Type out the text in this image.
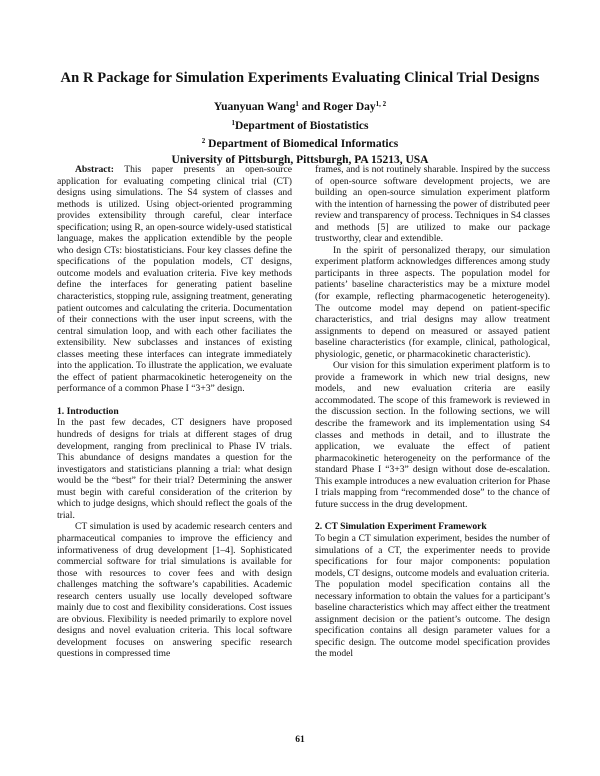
An R Package for Simulation Experiments Evaluating Clinical Trial Designs
Yuanyuan Wang$^1$ and Roger Day$^{1, 2}$
$^1$Department of Biostatistics
$^2$ Department of Biomedical Informatics
University of Pittsburgh, Pittsburgh, PA 15213, USA

Abstract: This paper presents an open-source application for evaluating competing clinical trial (CT) designs using simulations. The S4 system of classes and methods is utilized. Using object-oriented programming provides extensibility through careful, clear interface specification; using R, an open-source widely-used statistical language, makes the application extendible by the people who design CTs: biostatisticians. Four key classes define the specifications of the population models, CT designs, outcome models and evaluation criteria. Five key methods define the interfaces for generating patient baseline characteristics, stopping rule, assigning treatment, generating patient outcomes and calculating the criteria. Documentation of their connections with the user input screens, with the central simulation loop, and with each other faciliates the extensibility. New subclasses and instances of existing classes meeting these interfaces can integrate immediately into the application. To illustrate the application, we evaluate the effect of patient pharmacokinetic heterogeneity on the performance of a common Phase I “3+3” design.

1. Introduction

In the past few decades, CT designers have proposed hundreds of designs for trials at different stages of drug development, ranging from preclinical to Phase IV trials. This abundance of designs mandates a question for the investigators and statisticians planning a trial: what design would be the “best” for their trial? Determining the answer must begin with careful consideration of the criterion by which to judge designs, which should reflect the goals of the trial.

CT simulation is used by academic research centers and pharmaceutical companies to improve the efficiency and informativeness of drug development [1–4]. Sophisticated commercial software for trial simulations is available for those with resources to cover fees and with design challenges matching the software’s capabilities. Academic research centers usually use locally developed software mainly due to cost and flexibility considerations. Cost issues are obvious. Flexibility is needed primarily to explore novel designs and novel evaluation criteria. This local software development focuses on answering specific research questions in compressed time

frames, and is not routinely sharable. Inspired by the success of open-source software development projects, we are building an open-source simulation experiment platform with the intention of harnessing the power of distributed peer review and transparency of process. Techniques in S4 classes and methods [5] are utilized to make our package trustworthy, clear and extendible.

In the spirit of personalized therapy, our simulation experiment platform acknowledges differences among study participants in three aspects. The population model for patients’ baseline characteristics may be a mixture model (for example, reflecting pharmacogenetic heterogeneity). The outcome model may depend on patient-specific characteristics, and trial designs may allow treatment assignments to depend on measured or assayed patient baseline characteristics (for example, clinical, pathological, physiologic, genetic, or pharmacokinetic characteristic).

Our vision for this simulation experiment platform is to provide a framework in which new trial designs, new models, and new evaluation criteria are easily accommodated. The scope of this framework is reviewed in the discussion section. In the following sections, we will describe the framework and its implementation using S4 classes and methods in detail, and to illustrate the application, we evaluate the effect of patient pharmacokinetic heterogeneity on the performance of the standard Phase I “3+3” design without dose de-escalation. This example introduces a new evaluation criterion for Phase I trials mapping from “recommended dose” to the chance of future success in the drug development.

2. CT Simulation Experiment Framework

To begin a CT simulation experiment, besides the number of simulations of a CT, the experimenter needs to provide specifications for four major components: population models, CT designs, outcome models and evaluation criteria.

The population model specification contains all the necessary information to obtain the values for a participant’s baseline characteristics which may affect either the treatment assignment decision or the patient’s outcome. The design specification contains all design parameter values for a specific design. The outcome model specification provides the model

61
